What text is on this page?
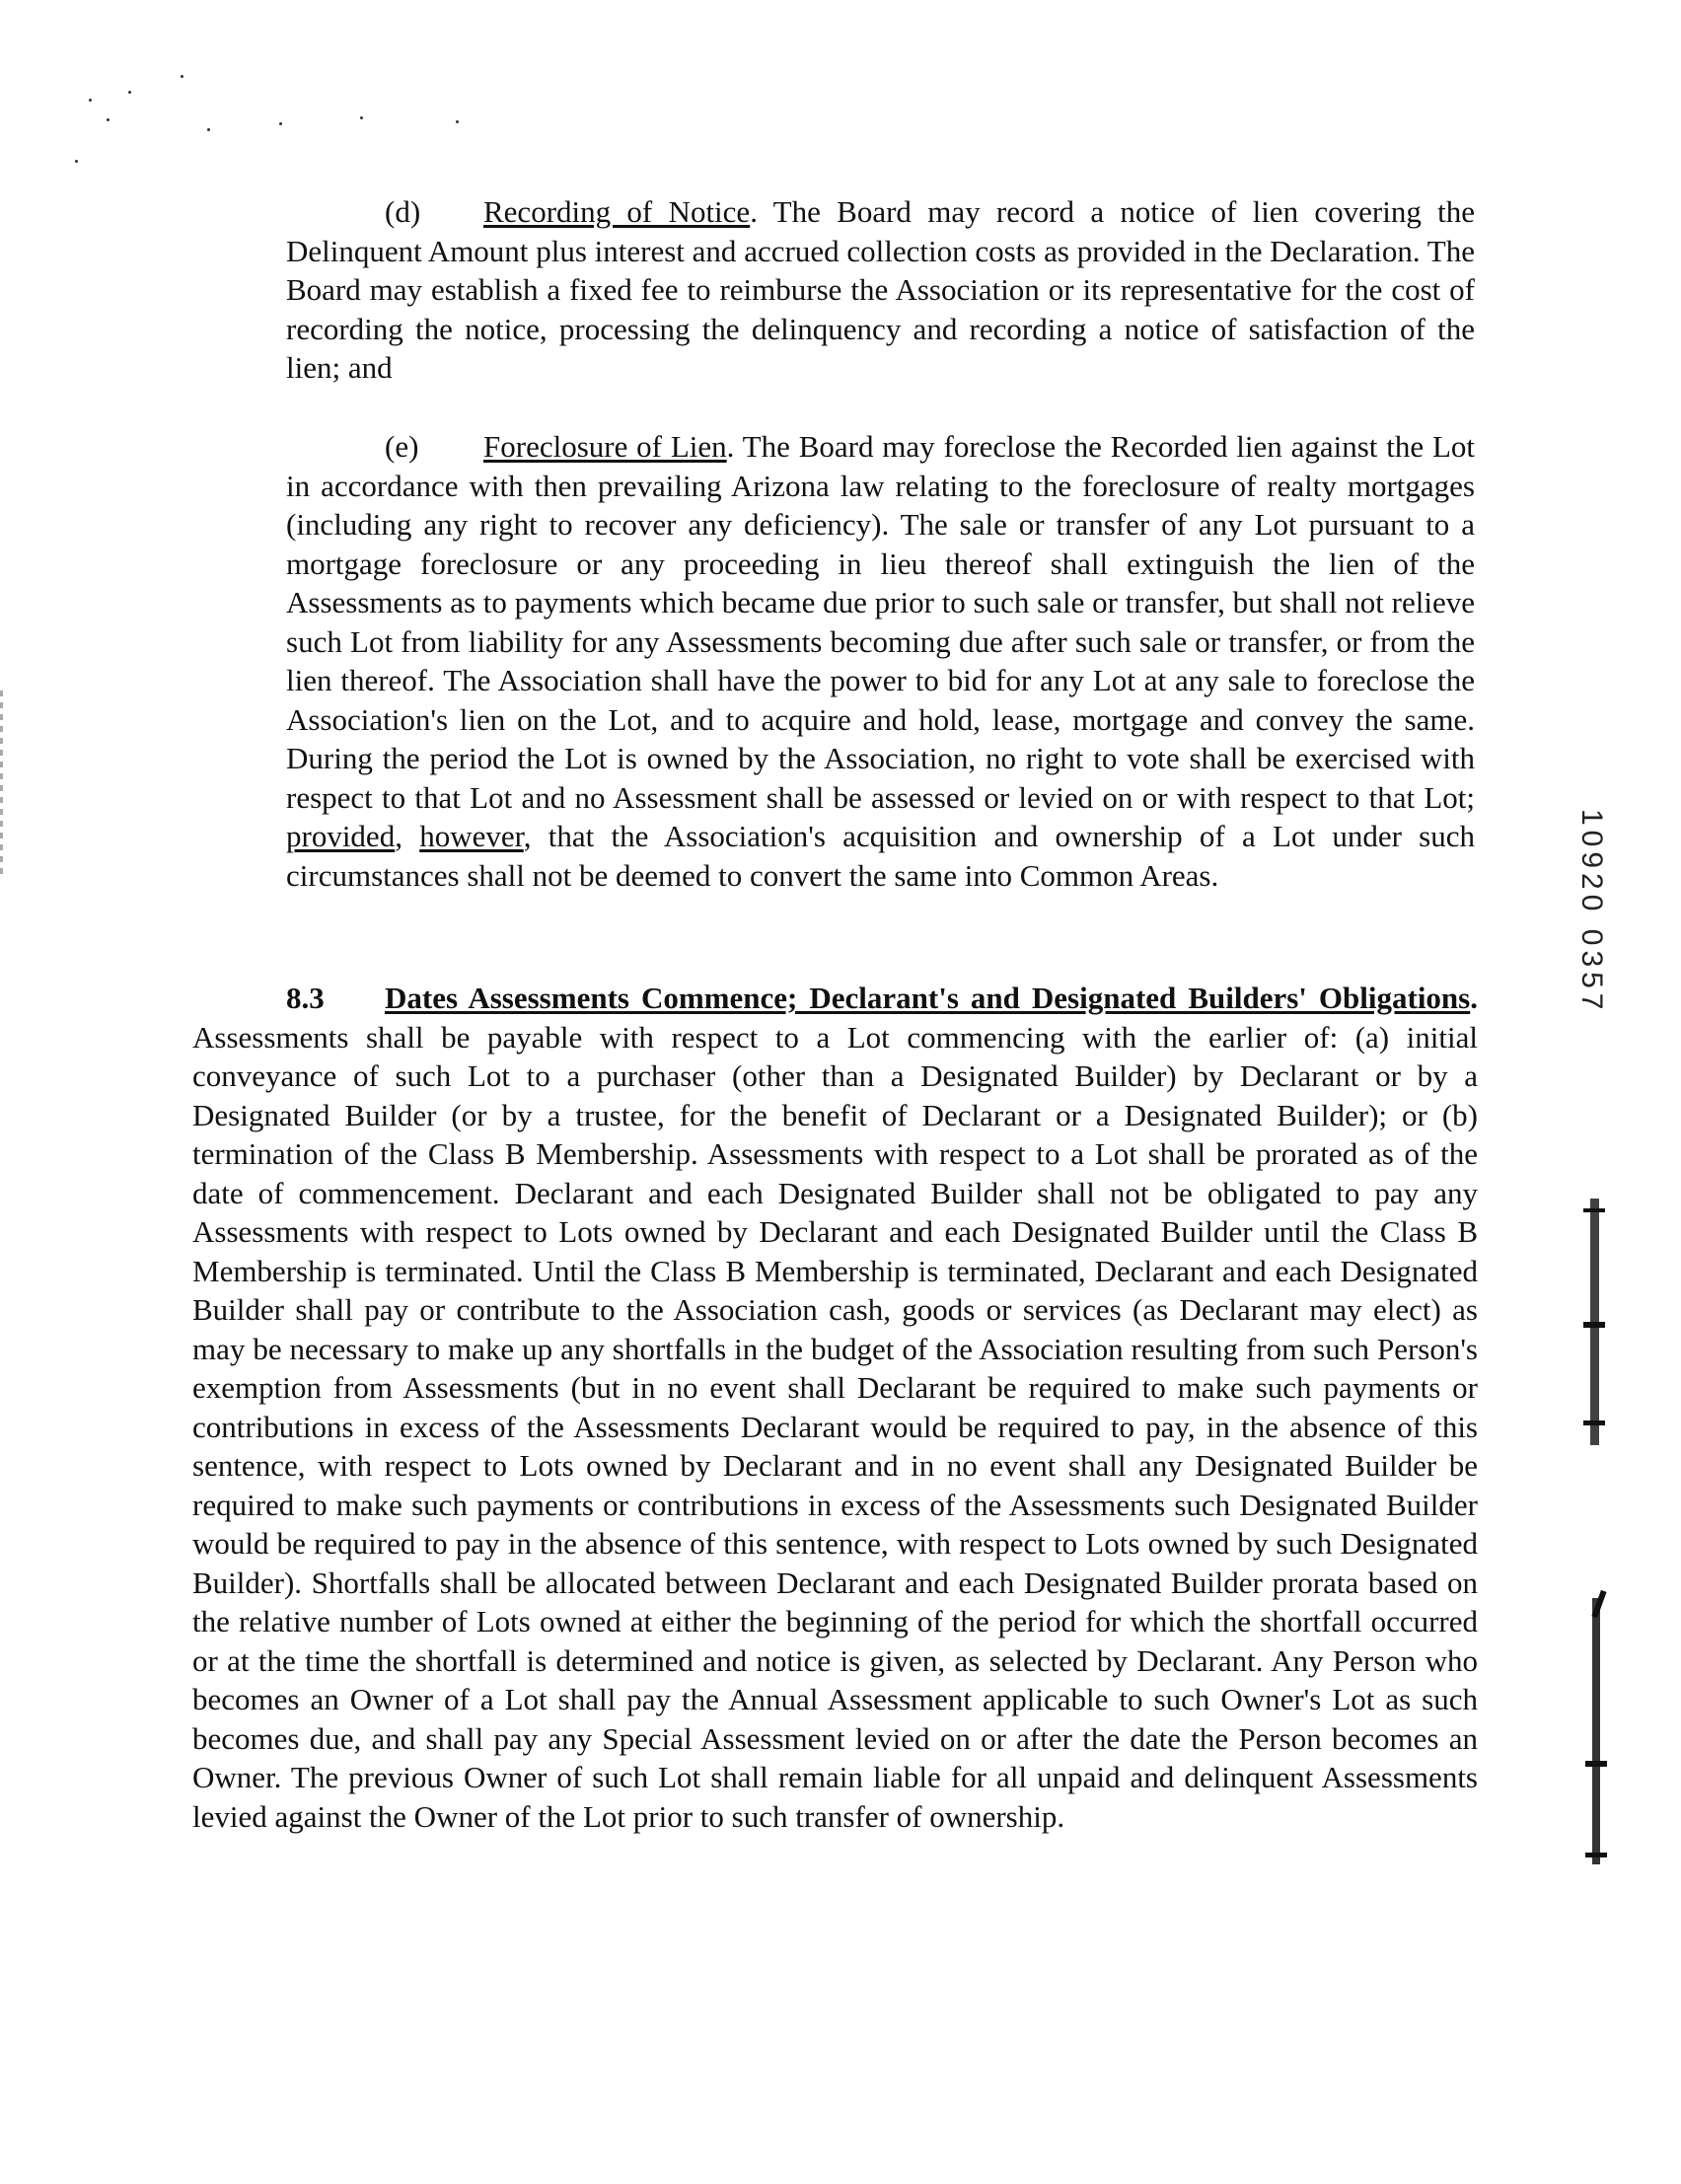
(d) Recording of Notice. The Board may record a notice of lien covering the Delinquent Amount plus interest and accrued collection costs as provided in the Declaration. The Board may establish a fixed fee to reimburse the Association or its representative for the cost of recording the notice, processing the delinquency and recording a notice of satisfaction of the lien; and

(e) Foreclosure of Lien. The Board may foreclose the Recorded lien against the Lot in accordance with then prevailing Arizona law relating to the foreclosure of realty mortgages (including any right to recover any deficiency). The sale or transfer of any Lot pursuant to a mortgage foreclosure or any proceeding in lieu thereof shall extinguish the lien of the Assessments as to payments which became due prior to such sale or transfer, but shall not relieve such Lot from liability for any Assessments becoming due after such sale or transfer, or from the lien thereof. The Association shall have the power to bid for any Lot at any sale to foreclose the Association's lien on the Lot, and to acquire and hold, lease, mortgage and convey the same. During the period the Lot is owned by the Association, no right to vote shall be exercised with respect to that Lot and no Assessment shall be assessed or levied on or with respect to that Lot; provided, however, that the Association's acquisition and ownership of a Lot under such circumstances shall not be deemed to convert the same into Common Areas.

8.3 Dates Assessments Commence; Declarant's and Designated Builders' Obligations. Assessments shall be payable with respect to a Lot commencing with the earlier of: (a) initial conveyance of such Lot to a purchaser (other than a Designated Builder) by Declarant or by a Designated Builder (or by a trustee, for the benefit of Declarant or a Designated Builder); or (b) termination of the Class B Membership. Assessments with respect to a Lot shall be prorated as of the date of commencement. Declarant and each Designated Builder shall not be obligated to pay any Assessments with respect to Lots owned by Declarant and each Designated Builder until the Class B Membership is terminated. Until the Class B Membership is terminated, Declarant and each Designated Builder shall pay or contribute to the Association cash, goods or services (as Declarant may elect) as may be necessary to make up any shortfalls in the budget of the Association resulting from such Person's exemption from Assessments (but in no event shall Declarant be required to make such payments or contributions in excess of the Assessments Declarant would be required to pay, in the absence of this sentence, with respect to Lots owned by Declarant and in no event shall any Designated Builder be required to make such payments or contributions in excess of the Assessments such Designated Builder would be required to pay in the absence of this sentence, with respect to Lots owned by such Designated Builder). Shortfalls shall be allocated between Declarant and each Designated Builder prorata based on the relative number of Lots owned at either the beginning of the period for which the shortfall occurred or at the time the shortfall is determined and notice is given, as selected by Declarant. Any Person who becomes an Owner of a Lot shall pay the Annual Assessment applicable to such Owner's Lot as such becomes due, and shall pay any Special Assessment levied on or after the date the Person becomes an Owner. The previous Owner of such Lot shall remain liable for all unpaid and delinquent Assessments levied against the Owner of the Lot prior to such transfer of ownership.

10920 0357
